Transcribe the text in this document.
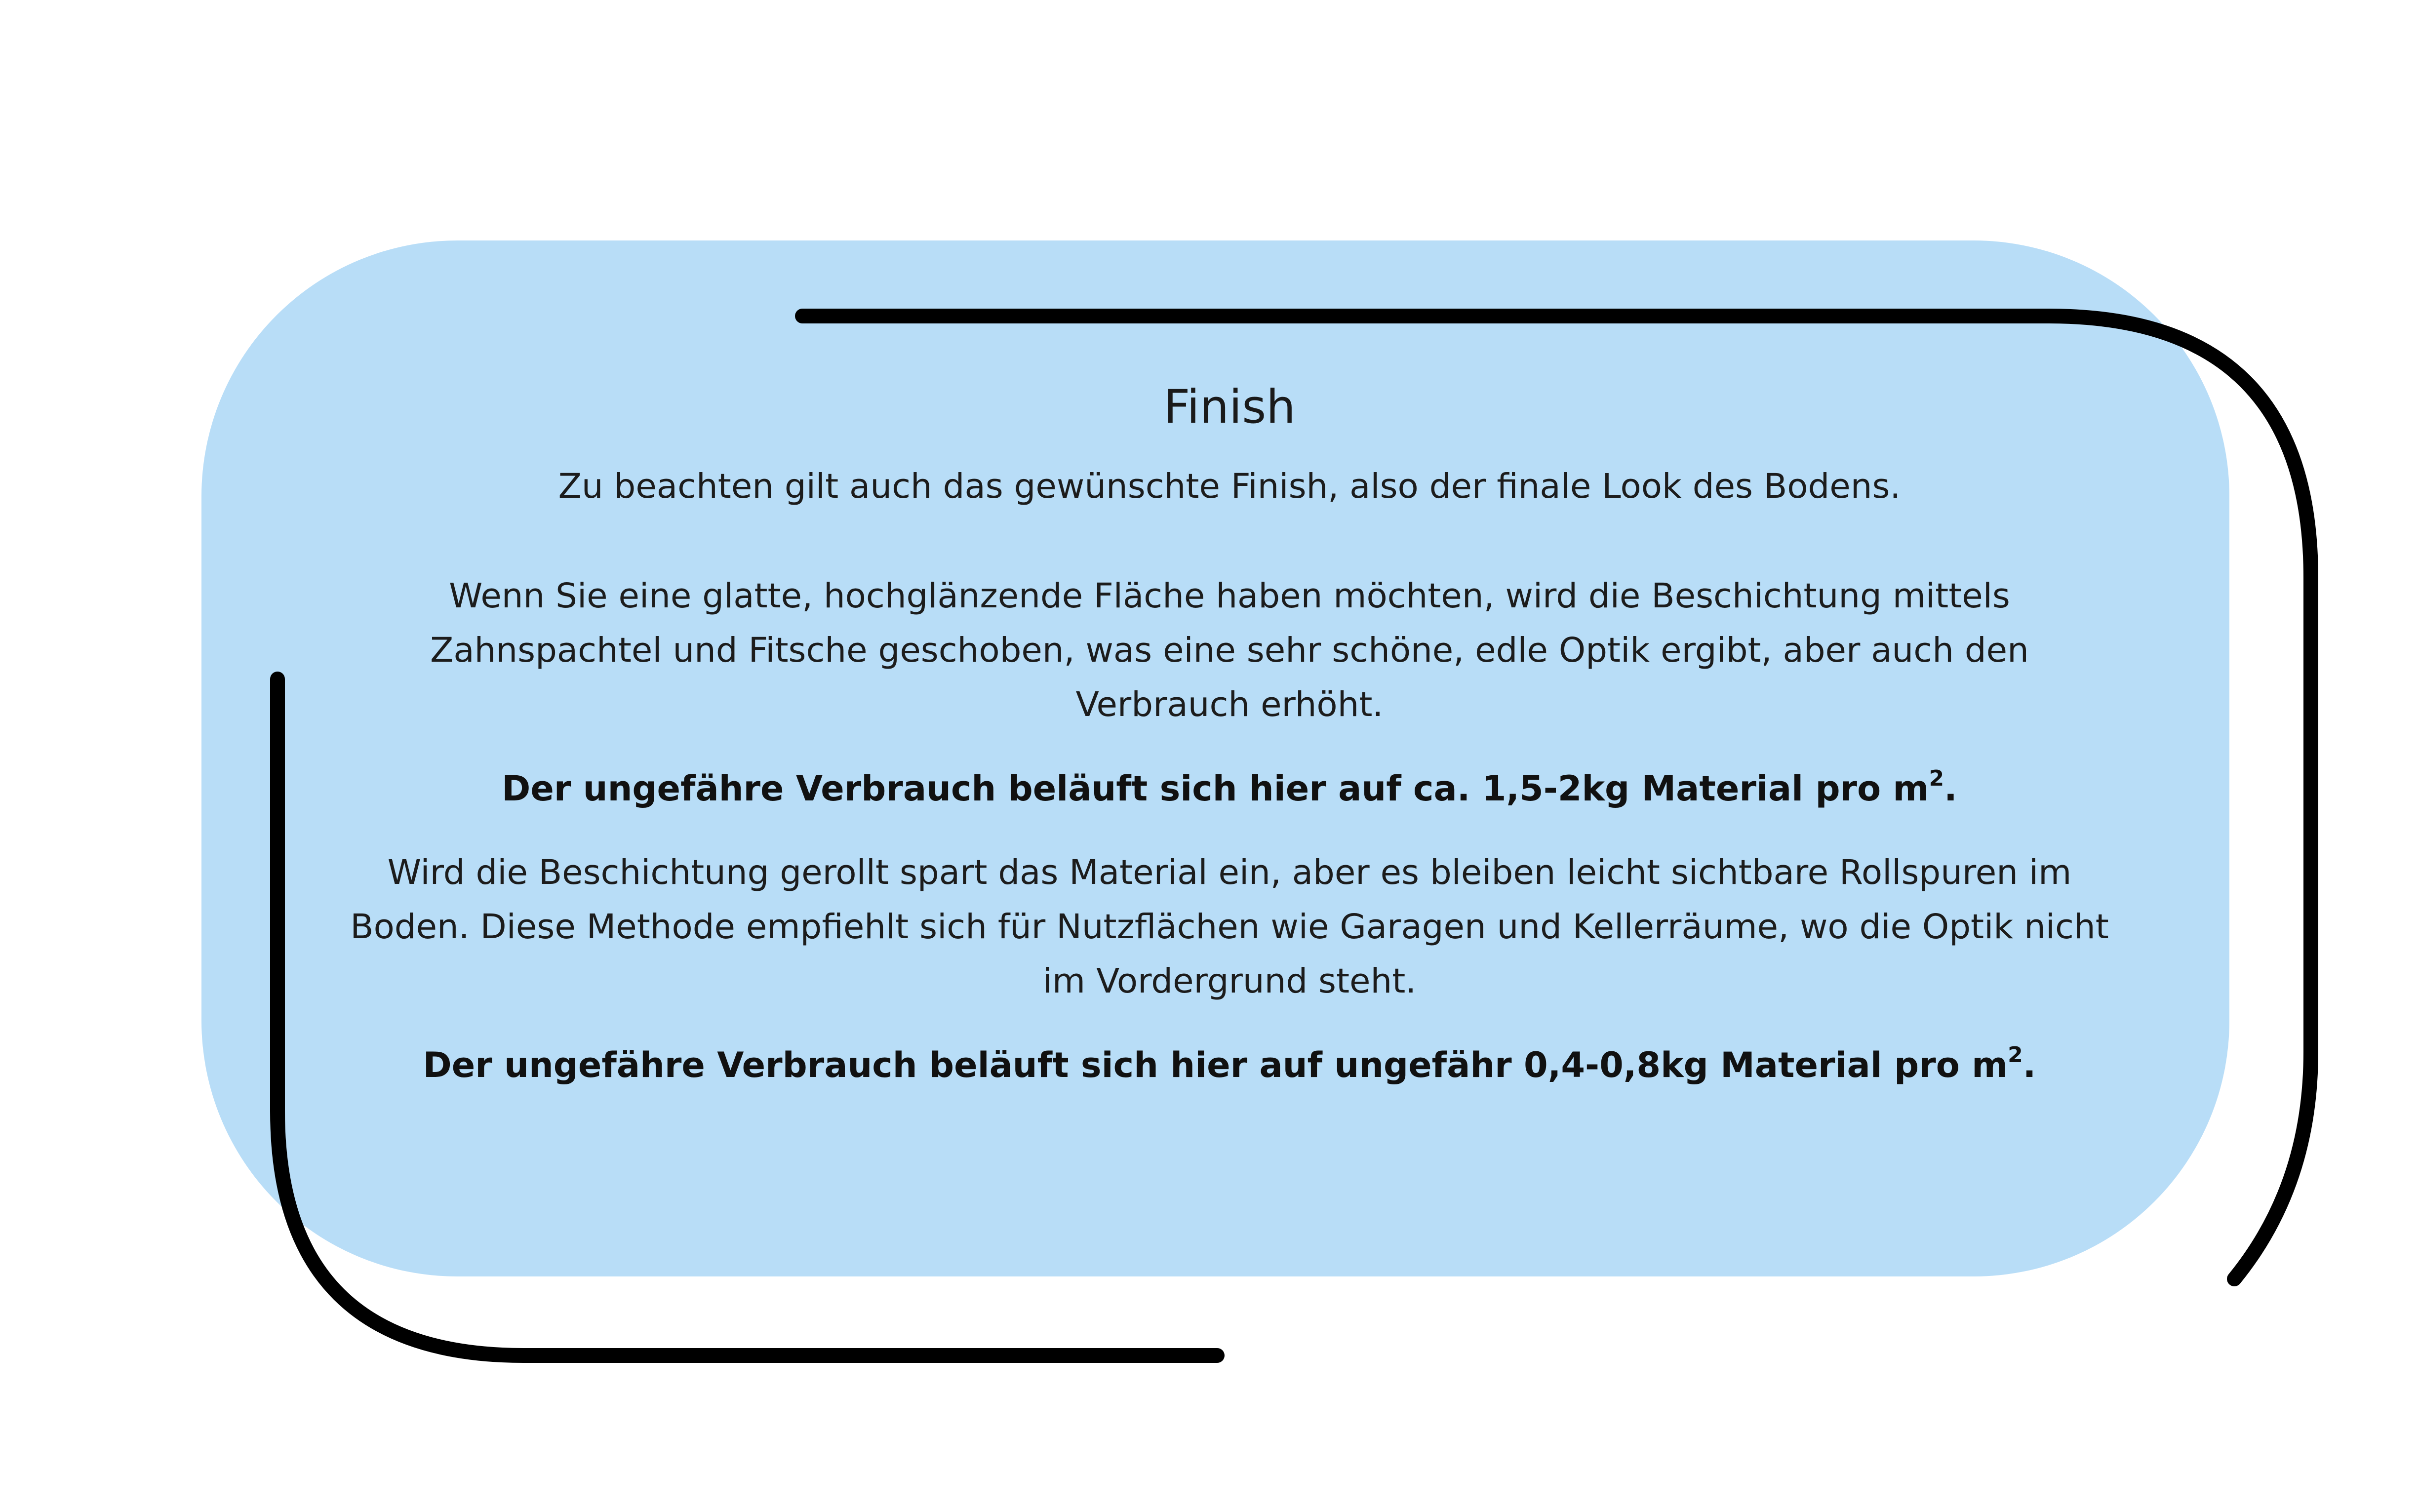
Finish

Zu beachten gilt auch das gewünschte Finish, also der finale Look des Bodens.

Wenn Sie eine glatte, hochglänzende Fläche haben möchten, wird die Beschichtung mittels Zahnspachtel und Fitsche geschoben, was eine sehr schöne, edle Optik ergibt, aber auch den Verbrauch erhöht.

Der ungefähre Verbrauch beläuft sich hier auf ca. 1,5-2kg Material pro $m^2$.

Wird die Beschichtung gerollt spart das Material ein, aber es bleiben leicht sichtbare Rollspuren im Boden. Diese Methode empfiehlt sich für Nutzflächen wie Garagen und Kellerräume, wo die Optik nicht im Vordergrund steht.

Der ungefähre Verbrauch beläuft sich hier auf ungefähr 0,4-0,8kg Material pro $m^2$.
